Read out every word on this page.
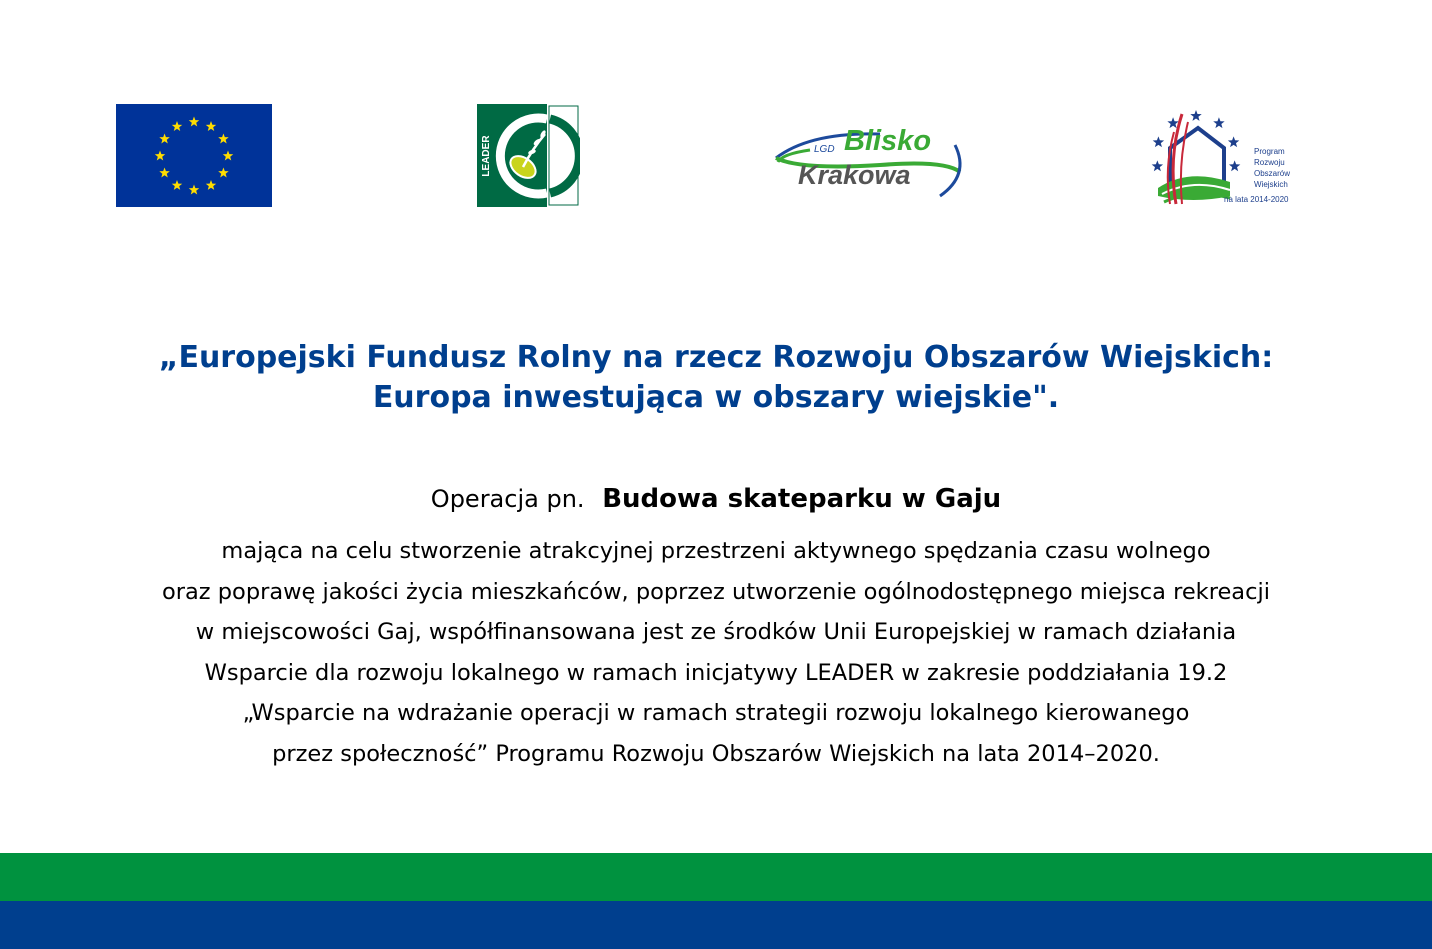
LEADER	LGD Blisko
Krakowa
Program
Rozwoju
Obszarów
Wiejskich
na lata 2014-2020
„Europejski Fundusz Rolny na rzecz Rozwoju Obszarów Wiejskich:
Europa inwestująca w obszary wiejskie".
Operacja pn. Budowa skateparku w Gaju
mająca na celu stworzenie atrakcyjnej przestrzeni aktywnego spędzania czasu wolnego
oraz poprawę jakości życia mieszkańców, poprzez utworzenie ogólnodostępnego miejsca rekreacji
w miejscowości Gaj, współfinansowana jest ze środków Unii Europejskiej w ramach działania
Wsparcie dla rozwoju lokalnego w ramach inicjatywy LEADER w zakresie poddziałania 19.2
„Wsparcie na wdrażanie operacji w ramach strategii rozwoju lokalnego kierowanego
przez społeczność” Programu Rozwoju Obszarów Wiejskich na lata 2014–2020.
